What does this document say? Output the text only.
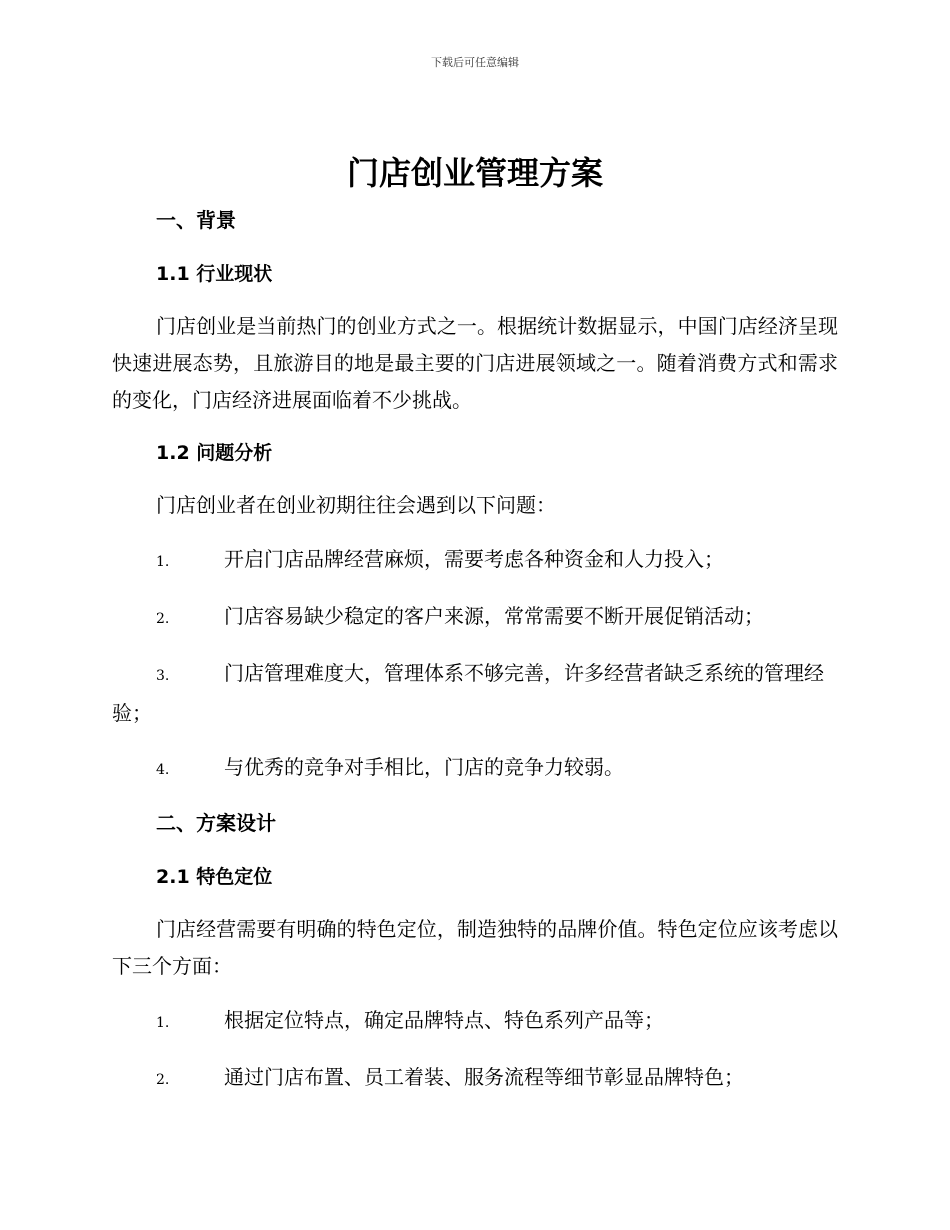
下载后可任意编辑
门店创业管理方案
一、背景
1.1 行业现状

门店创业是当前热门的创业方式之一。根据统计数据显示，中国门店经济呈现快速进展态势，且旅游目的地是最主要的门店进展领域之一。随着消费方式和需求的变化，门店经济进展面临着不少挑战。

1.2 问题分析

门店创业者在创业初期往往会遇到以下问题：

1.	开启门店品牌经营麻烦，需要考虑各种资金和人力投入；

2.	门店容易缺少稳定的客户来源，常常需要不断开展促销活动；

3.	门店管理难度大，管理体系不够完善，许多经营者缺乏系统的管理经验；

4.	与优秀的竞争对手相比，门店的竞争力较弱。

二、方案设计
2.1 特色定位

门店经营需要有明确的特色定位，制造独特的品牌价值。特色定位应该考虑以下三个方面：

1.	根据定位特点，确定品牌特点、特色系列产品等；

2.	通过门店布置、员工着装、服务流程等细节彰显品牌特色；
